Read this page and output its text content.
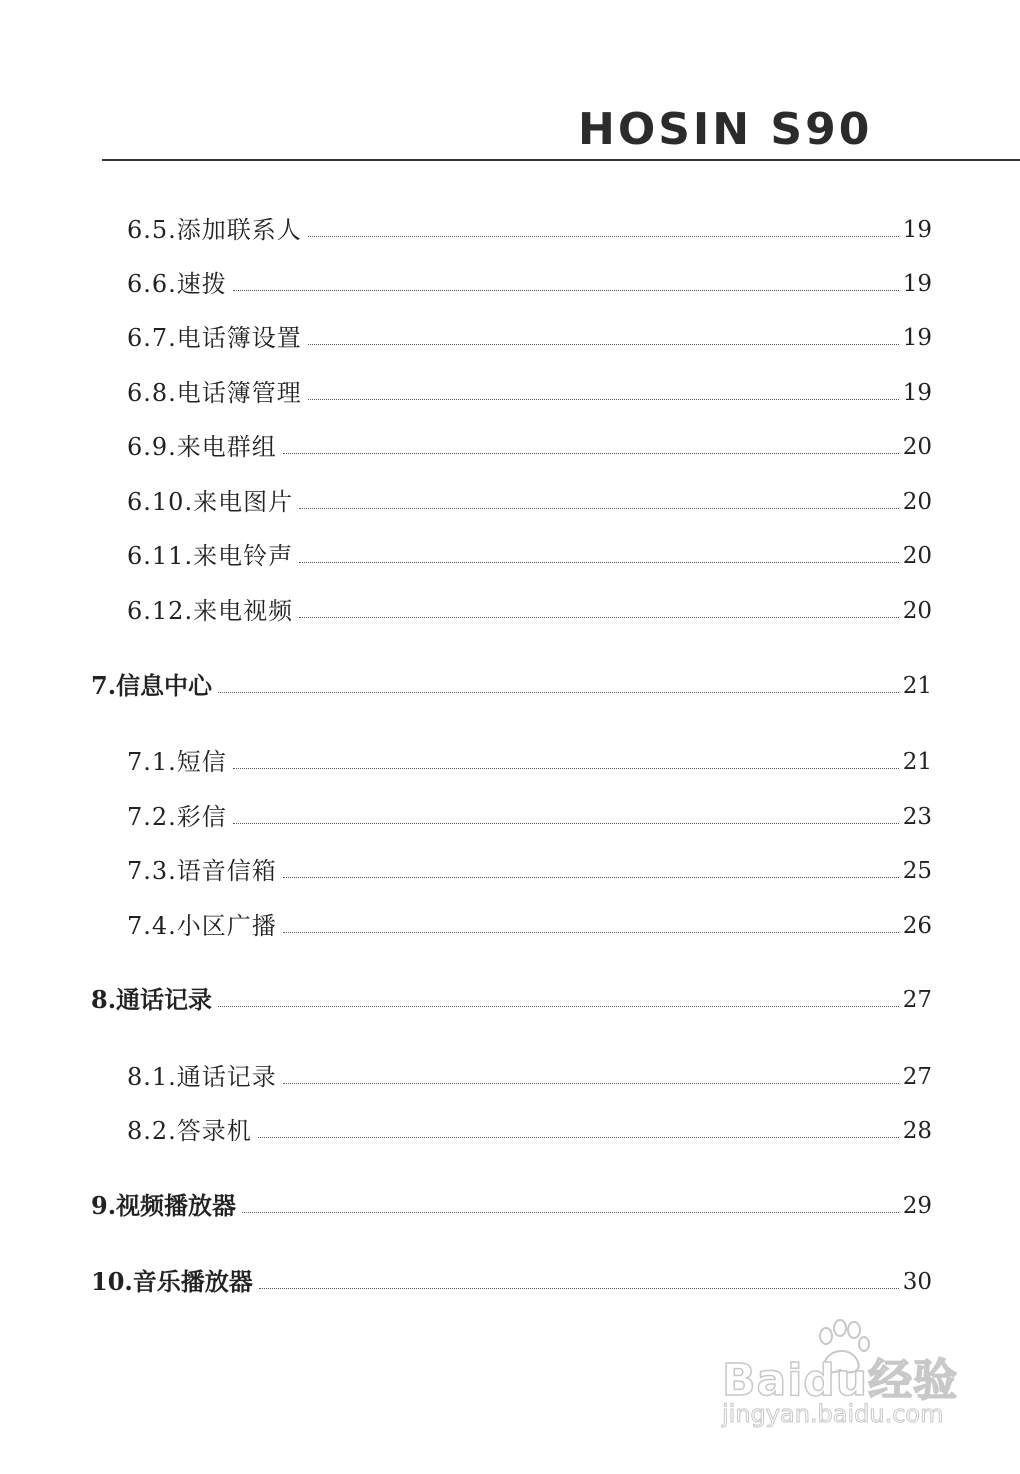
HOSIN S90
6.5.添加联系人	19
6.6.速拨	19
6.7.电话簿设置	19
6.8.电话簿管理	19
6.9.来电群组	20
6.10.来电图片	20
6.11.来电铃声	20
6.12.来电视频	20
7.信息中心	21
7.1.短信	21
7.2.彩信	23
7.3.语音信箱	25
7.4.小区广播	26
8.通话记录	27
8.1.通话记录	27
8.2.答录机	28
9.视频播放器	29
10.音乐播放器	30
Baidu经验
jingyan.baidu.com
